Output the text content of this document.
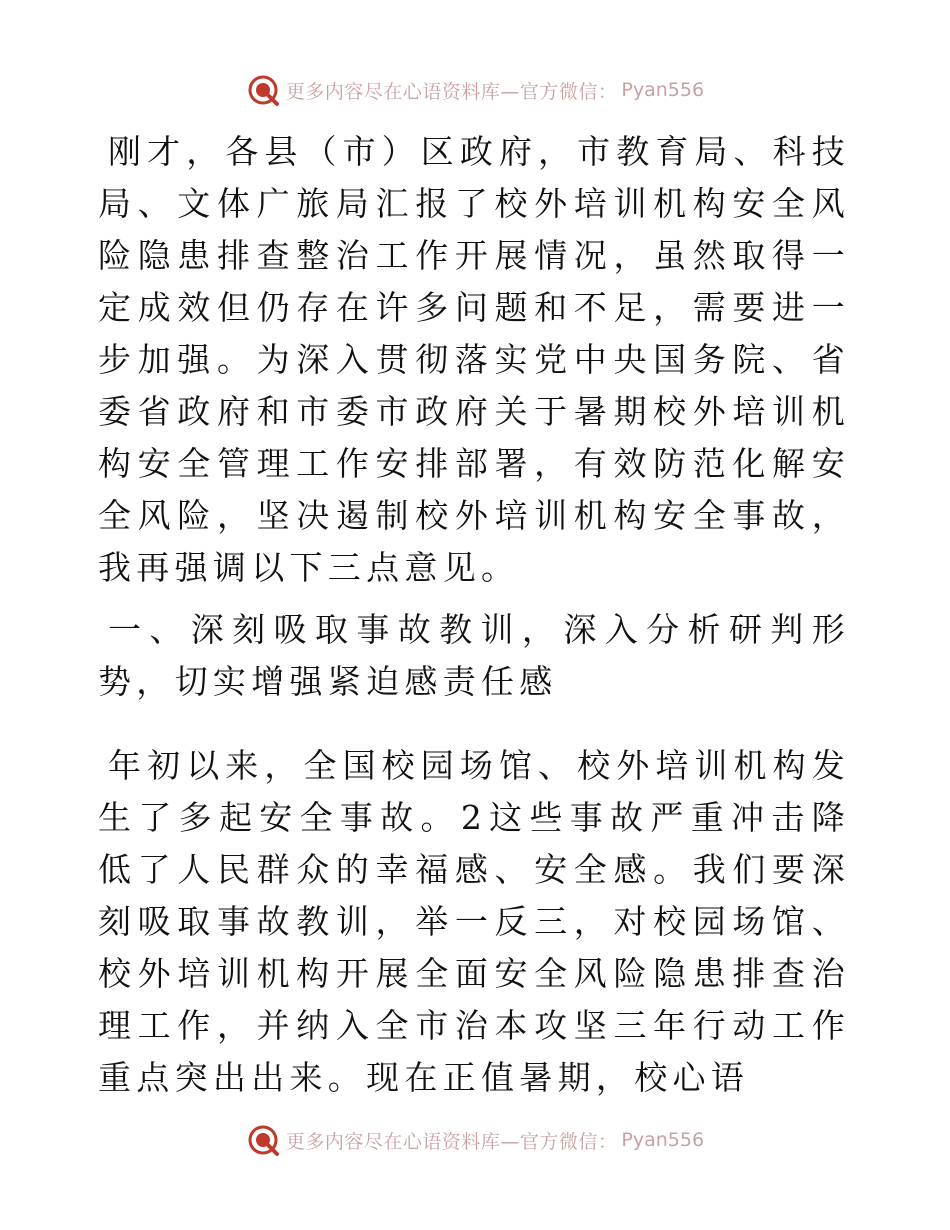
更多内容尽在心语资料库—官方微信： Pyan556

刚才，各县（市）区政府，市教育局、科技局、文体广旅局汇报了校外培训机构安全风险隐患排查整治工作开展情况，虽然取得一定成效但仍存在许多问题和不足，需要进一步加强。为深入贯彻落实党中央国务院、省委省政府和市委市政府关于暑期校外培训机构安全管理工作安排部署，有效防范化解安全风险，坚决遏制校外培训机构安全事故，我再强调以下三点意见。

一、深刻吸取事故教训，深入分析研判形势，切实增强紧迫感责任感

年初以来，全国校园场馆、校外培训机构发生了多起安全事故。2这些事故严重冲击降低了人民群众的幸福感、安全感。我们要深刻吸取事故教训，举一反三，对校园场馆、校外培训机构开展全面安全风险隐患排查治理工作，并纳入全市治本攻坚三年行动工作重点突出出来。现在正值暑期，校心语

更多内容尽在心语资料库—官方微信： Pyan556
